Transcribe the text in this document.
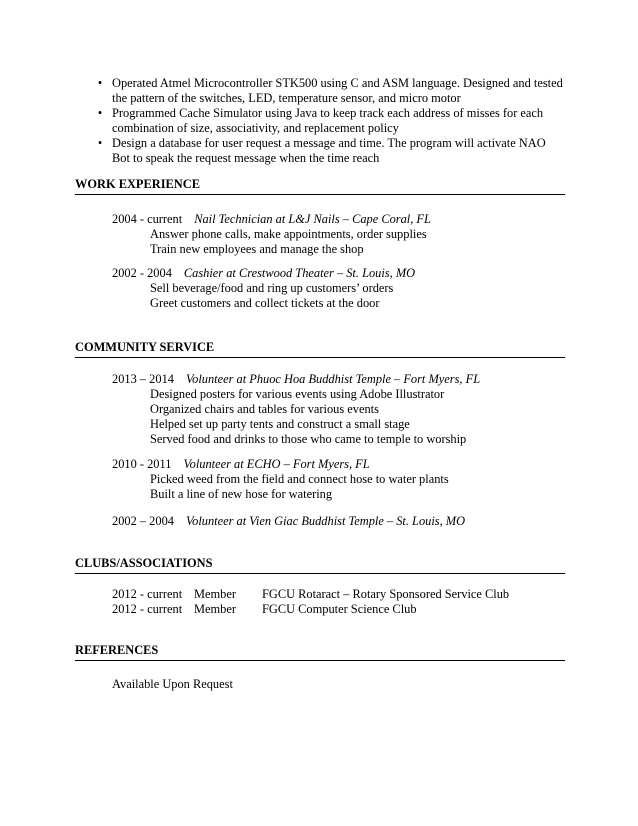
• Operated Atmel Microcontroller STK500 using C and ASM language. Designed and tested the pattern of the switches, LED, temperature sensor, and micro motor
• Programmed Cache Simulator using Java to keep track each address of misses for each combination of size, associativity, and replacement policy
• Design a database for user request a message and time. The program will activate NAO Bot to speak the request message when the time reach
WORK EXPERIENCE
2004 - current Nail Technician at L&J Nails – Cape Coral, FL
Answer phone calls, make appointments, order supplies
Train new employees and manage the shop
2002 - 2004 Cashier at Crestwood Theater – St. Louis, MO
Sell beverage/food and ring up customers’ orders
Greet customers and collect tickets at the door
COMMUNITY SERVICE
2013 – 2014 Volunteer at Phuoc Hoa Buddhist Temple – Fort Myers, FL
Designed posters for various events using Adobe Illustrator
Organized chairs and tables for various events
Helped set up party tents and construct a small stage
Served food and drinks to those who came to temple to worship
2010 - 2011 Volunteer at ECHO – Fort Myers, FL
Picked weed from the field and connect hose to water plants
Built a line of new hose for watering
2002 – 2004 Volunteer at Vien Giac Buddhist Temple – St. Louis, MO
CLUBS/ASSOCIATIONS
2012 - current Member FGCU Rotaract – Rotary Sponsored Service Club
2012 - current Member FGCU Computer Science Club
REFERENCES
Available Upon Request
